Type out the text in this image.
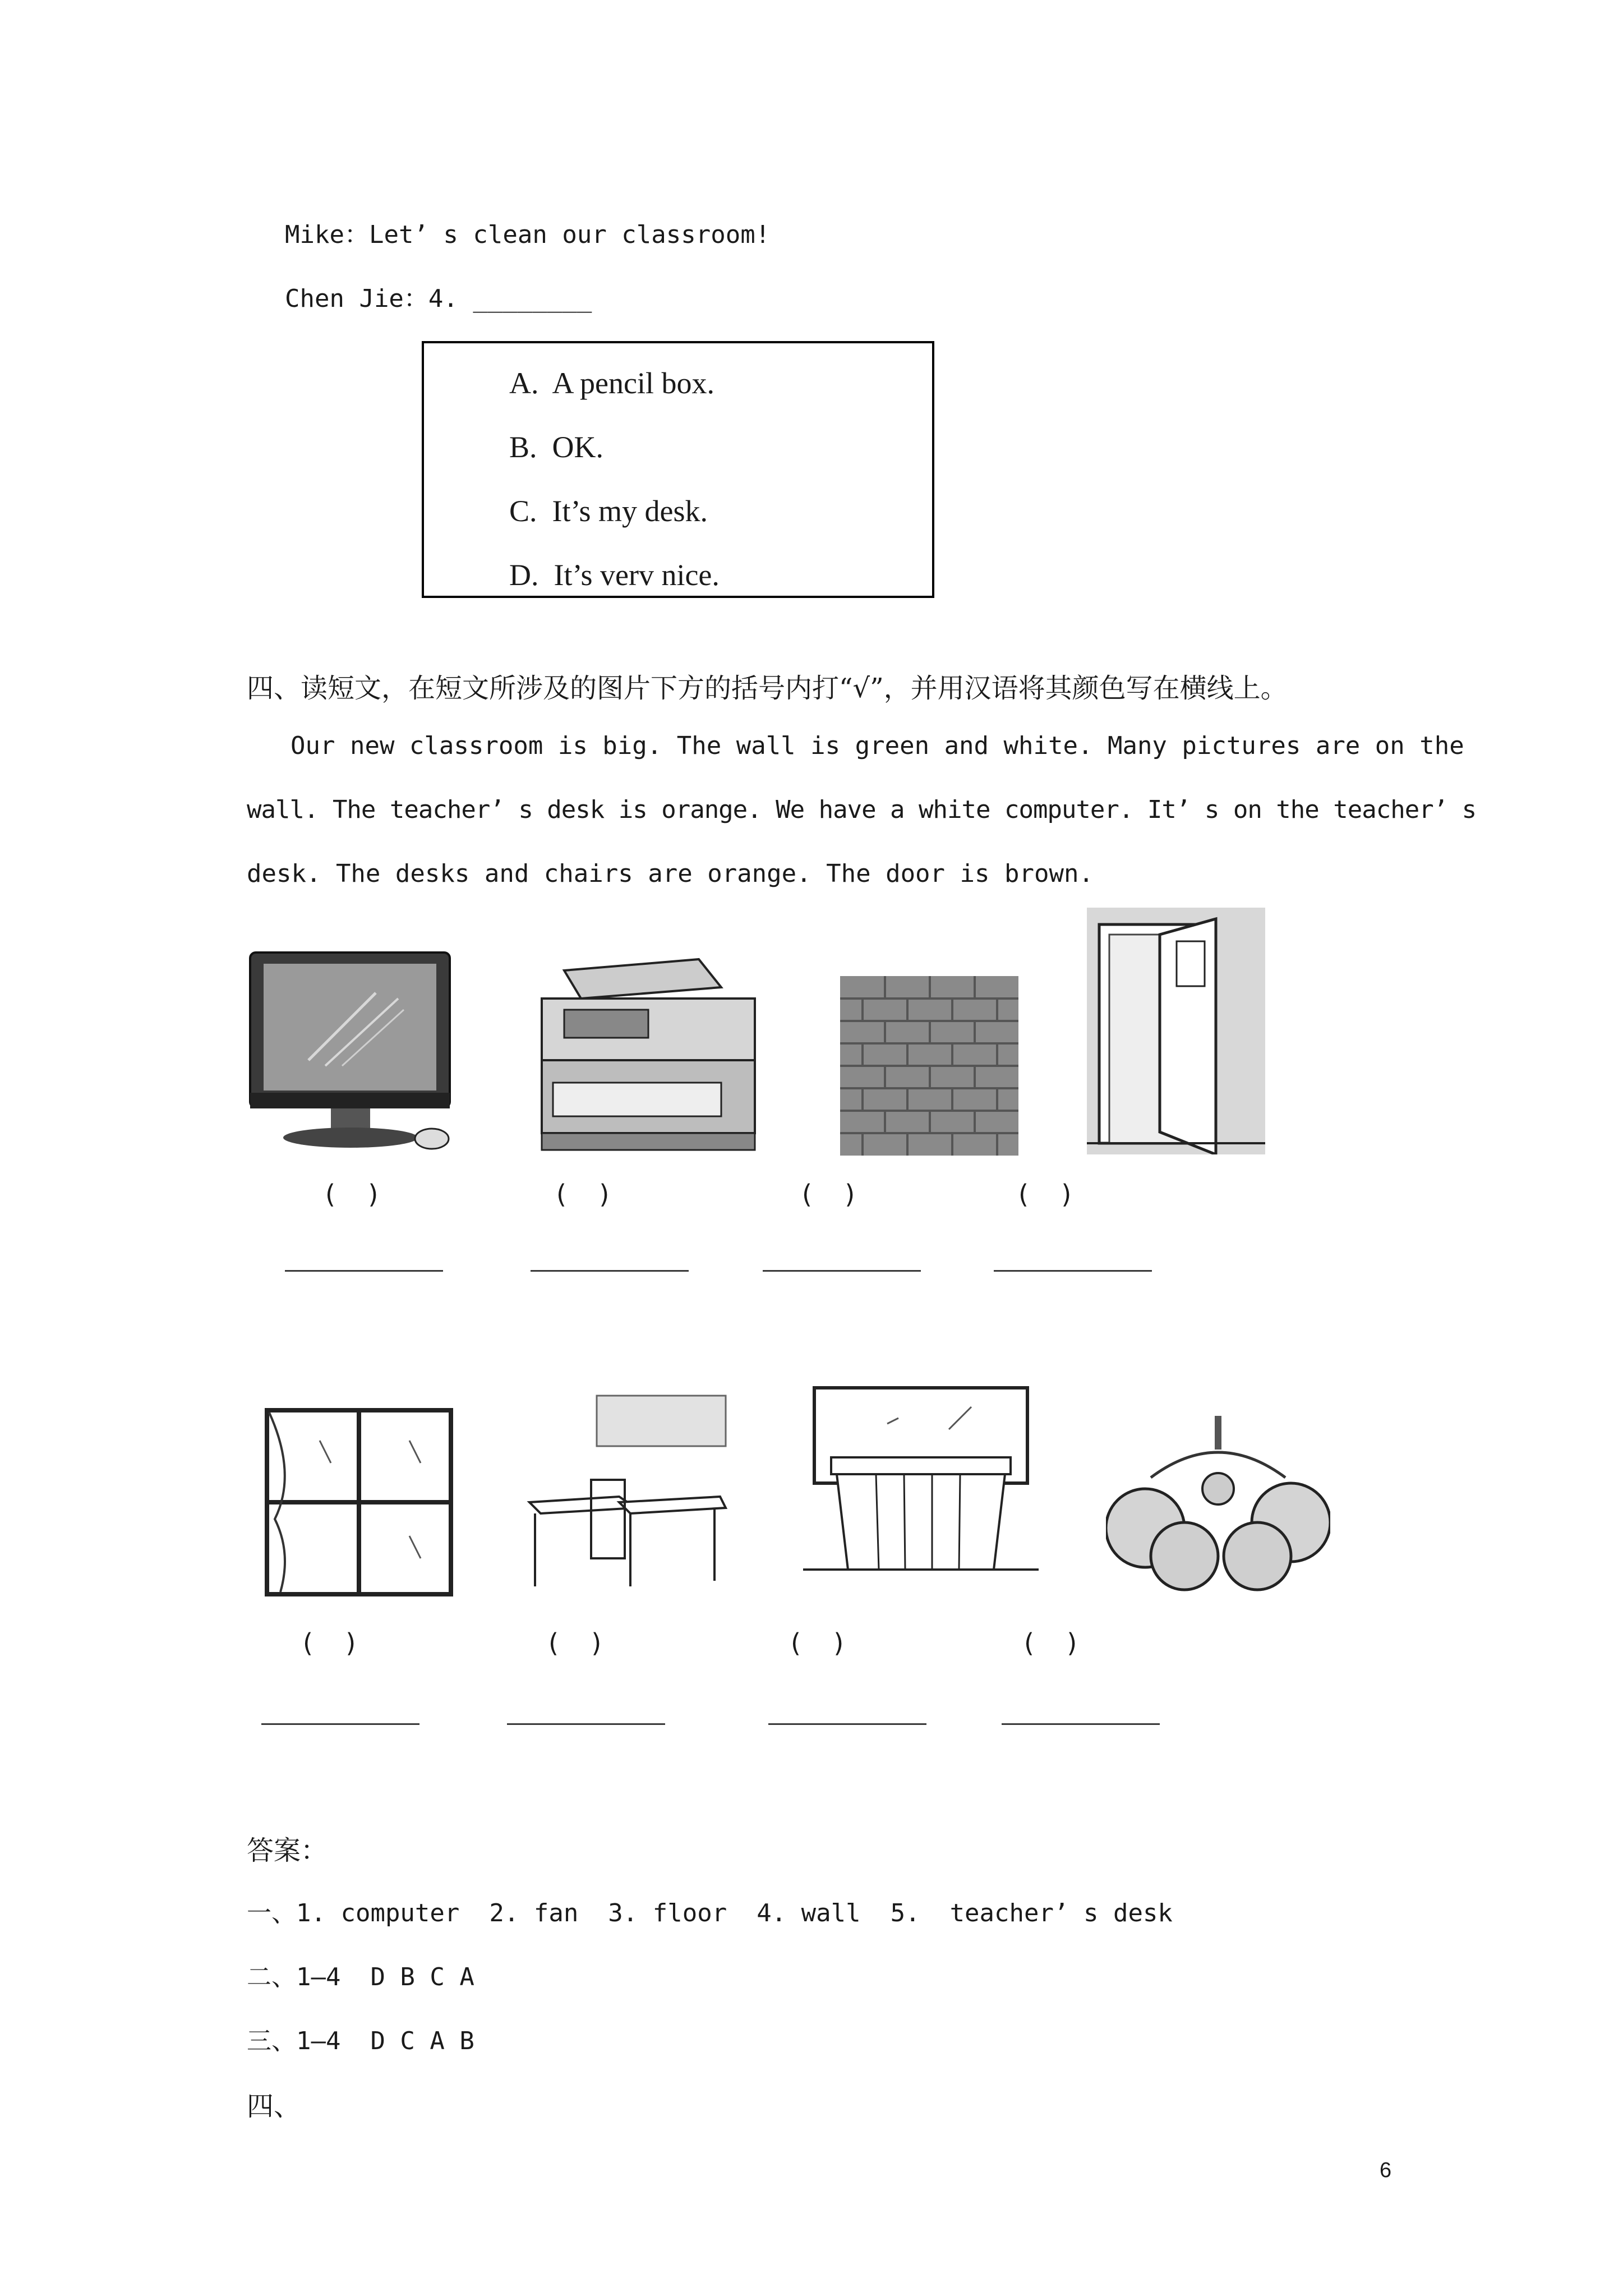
Mike：Let’ s clean our classroom!
Chen Jie：4. ________
A.  A pencil box.
B.  OK.
C.  It’s my desk.
D.  It’s verv nice.
四、读短文，在短文所涉及的图片下方的括号内打“√”，并用汉语将其颜色写在横线上。
Our new classroom is big. The wall is green and white. Many pictures are on the
wall. The teacher’ s desk is orange. We have a white computer. It’ s on the teacher’ s
desk. The desks and chairs are orange. The door is brown.
(    )	(    )	(    )	(    )
(    )	(    )	(    )	(    )
答案：
一、1. computer  2. fan  3. floor  4. wall  5.  teacher’ s desk
二、1—4  D B C A
三、1—4  D C A B
四、
6
